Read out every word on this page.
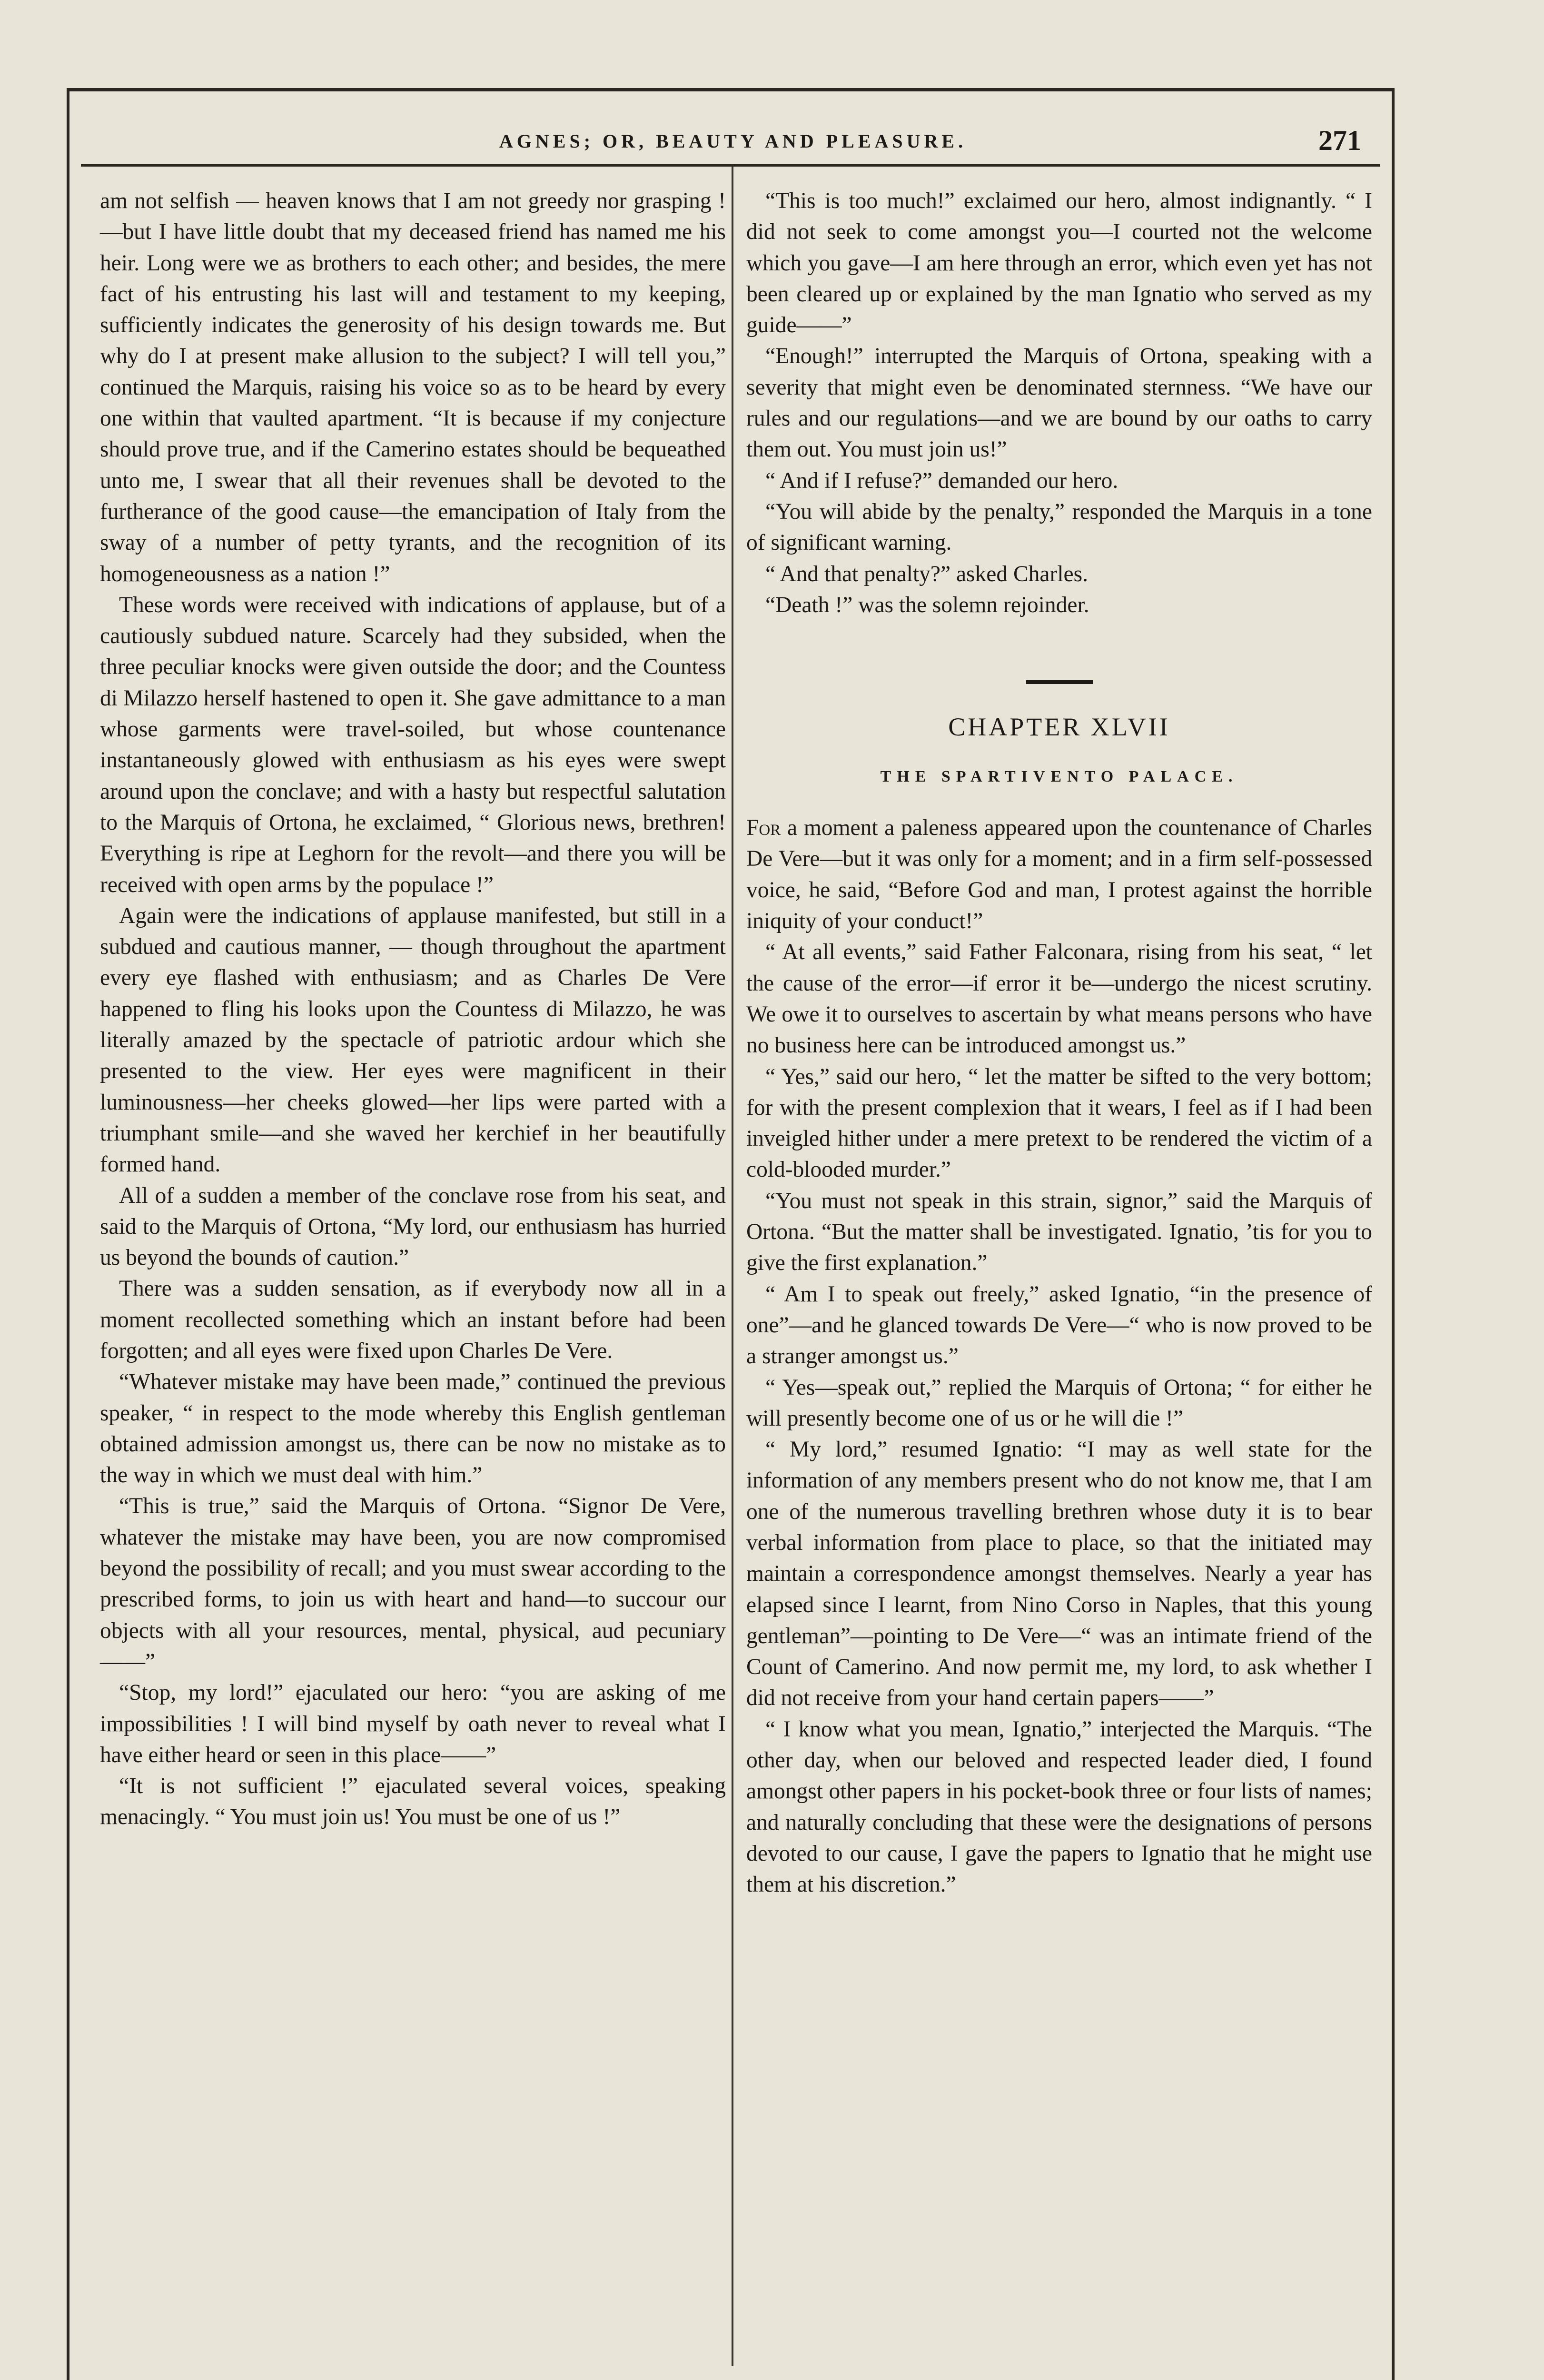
AGNES; OR, BEAUTY AND PLEASURE.	271

am not selfish — heaven knows that I am not greedy nor grasping !—but I have little doubt that my deceased friend has named me his heir. Long were we as brothers to each other; and besides, the mere fact of his entrusting his last will and testament to my keeping, sufficiently indicates the generosity of his design towards me. But why do I at present make allusion to the subject? I will tell you,” continued the Marquis, raising his voice so as to be heard by every one within that vaulted apartment. “It is because if my conjecture should prove true, and if the Camerino estates should be bequeathed unto me, I swear that all their revenues shall be devoted to the furtherance of the good cause—the emancipation of Italy from the sway of a number of petty tyrants, and the recognition of its homogeneousness as a nation !”

These words were received with indications of applause, but of a cautiously subdued nature. Scarcely had they subsided, when the three peculiar knocks were given outside the door; and the Countess di Milazzo herself hastened to open it. She gave admittance to a man whose garments were travel-soiled, but whose countenance instantaneously glowed with enthusiasm as his eyes were swept around upon the conclave; and with a hasty but respectful salutation to the Marquis of Ortona, he exclaimed, “ Glorious news, brethren! Everything is ripe at Leghorn for the revolt—and there you will be received with open arms by the populace !”

Again were the indications of applause manifested, but still in a subdued and cautious manner, — though throughout the apartment every eye flashed with enthusiasm; and as Charles De Vere happened to fling his looks upon the Countess di Milazzo, he was literally amazed by the spectacle of patriotic ardour which she presented to the view. Her eyes were magnificent in their luminousness—her cheeks glowed—her lips were parted with a triumphant smile—and she waved her kerchief in her beautifully formed hand.

All of a sudden a member of the conclave rose from his seat, and said to the Marquis of Ortona, “My lord, our enthusiasm has hurried us beyond the bounds of caution.”

There was a sudden sensation, as if everybody now all in a moment recollected something which an instant before had been forgotten; and all eyes were fixed upon Charles De Vere.

“Whatever mistake may have been made,” continued the previous speaker, “ in respect to the mode whereby this English gentleman obtained admission amongst us, there can be now no mistake as to the way in which we must deal with him.”

“This is true,” said the Marquis of Ortona. “Signor De Vere, whatever the mistake may have been, you are now compromised beyond the possibility of recall; and you must swear according to the prescribed forms, to join us with heart and hand—to succour our objects with all your resources, mental, physical, aud pecuniary——”

“Stop, my lord!” ejaculated our hero: “you are asking of me impossibilities ! I will bind myself by oath never to reveal what I have either heard or seen in this place——”

“It is not sufficient !” ejaculated several voices, speaking menacingly. “ You must join us! You must be one of us !”

“This is too much!” exclaimed our hero, almost indignantly. “ I did not seek to come amongst you—I courted not the welcome which you gave—I am here through an error, which even yet has not been cleared up or explained by the man Ignatio who served as my guide——”

“Enough!” interrupted the Marquis of Ortona, speaking with a severity that might even be denominated sternness. “We have our rules and our regulations—and we are bound by our oaths to carry them out. You must join us!”

“ And if I refuse?” demanded our hero.

“You will abide by the penalty,” responded the Marquis in a tone of significant warning.

“ And that penalty?” asked Charles.

“Death !” was the solemn rejoinder.

CHAPTER XLVII
THE SPARTIVENTO PALACE.

For a moment a paleness appeared upon the countenance of Charles De Vere—but it was only for a moment; and in a firm self-possessed voice, he said, “Before God and man, I protest against the horrible iniquity of your conduct!”

“ At all events,” said Father Falconara, rising from his seat, “ let the cause of the error—if error it be—undergo the nicest scrutiny. We owe it to ourselves to ascertain by what means persons who have no business here can be introduced amongst us.”

“ Yes,” said our hero, “ let the matter be sifted to the very bottom; for with the present complexion that it wears, I feel as if I had been inveigled hither under a mere pretext to be rendered the victim of a cold-blooded murder.”

“You must not speak in this strain, signor,” said the Marquis of Ortona. “But the matter shall be investigated. Ignatio, ’tis for you to give the first explanation.”

“ Am I to speak out freely,” asked Ignatio, “in the presence of one”—and he glanced towards De Vere—“ who is now proved to be a stranger amongst us.”

“ Yes—speak out,” replied the Marquis of Ortona; “ for either he will presently become one of us or he will die !”

“ My lord,” resumed Ignatio: “I may as well state for the information of any members present who do not know me, that I am one of the numerous travelling brethren whose duty it is to bear verbal information from place to place, so that the initiated may maintain a correspondence amongst themselves. Nearly a year has elapsed since I learnt, from Nino Corso in Naples, that this young gentleman”—pointing to De Vere—“ was an intimate friend of the Count of Camerino. And now permit me, my lord, to ask whether I did not receive from your hand certain papers——”

“ I know what you mean, Ignatio,” interjected the Marquis. “The other day, when our beloved and respected leader died, I found amongst other papers in his pocket-book three or four lists of names; and naturally concluding that these were the designations of persons devoted to our cause, I gave the papers to Ignatio that he might use them at his discretion.”
